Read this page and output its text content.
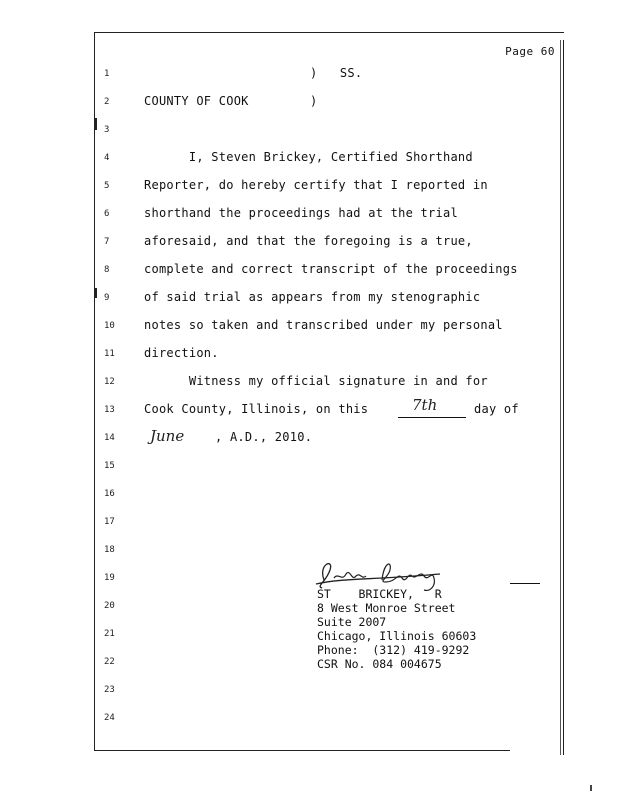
Page 60
1
2
3
4
5
6
7
8
9
10
11
12
13
14
15
16
17
18
19
20
21
22
23
24
)   SS.
COUNTY OF COOK	)
I, Steven Brickey, Certified Shorthand
Reporter, do hereby certify that I reported in
shorthand the proceedings had at the trial
aforesaid, and that the foregoing is a true,
complete and correct transcript of the proceedings
of said trial as appears from my stenographic
notes so taken and transcribed under my personal
direction.
Witness my official signature in and for
Cook County, Illinois, on this	7th	day of
June	, A.D., 2010.
ST    BRICKEY,   R
8 West Monroe Street
Suite 2007
Chicago, Illinois 60603
Phone:  (312) 419-9292
CSR No. 084 004675
